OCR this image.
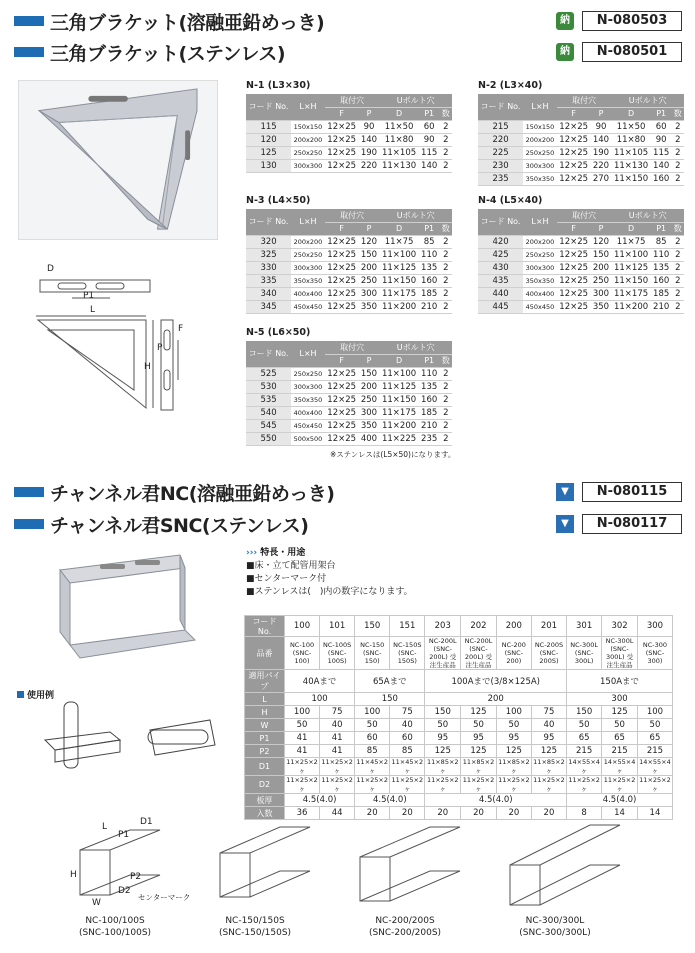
三角ブラケット(溶融亜鉛めっき)	納	N-080503
三角ブラケット(ステンレス)	納	N-080501
D
P1
L
F
H
P
N-1 (L3×30)	N-2 (L3×40)
N-3 (L4×50)	N-4 (L5×40)
N-5 (L6×50)
コード No.	L×H	取付穴		Uボルト穴		
		F	P	D	P1	数
115	150x150	12×25	90	11×50	60	2
120	200x200	12×25	140	11×80	90	2
125	250x250	12×25	190	11×105	115	2
130	300x300	12×25	220	11×130	140	2
コード No.	L×H	取付穴		Uボルト穴		
		F	P	D	P1	数
215	150x150	12×25	90	11×50	60	2
220	200x200	12×25	140	11×80	90	2
225	250x250	12×25	190	11×105	115	2
230	300x300	12×25	220	11×130	140	2
235	350x350	12×25	270	11×150	160	2
コード No.	L×H	取付穴		Uボルト穴		
		F	P	D	P1	数
320	200x200	12×25	120	11×75	85	2
325	250x250	12×25	150	11×100	110	2
330	300x300	12×25	200	11×125	135	2
335	350x350	12×25	250	11×150	160	2
340	400x400	12×25	300	11×175	185	2
345	450x450	12×25	350	11×200	210	2
コード No.	L×H	取付穴		Uボルト穴		
		F	P	D	P1	数
420	200x200	12×25	120	11×75	85	2
425	250x250	12×25	150	11×100	110	2
430	300x300	12×25	200	11×125	135	2
435	350x350	12×25	250	11×150	160	2
440	400x400	12×25	300	11×175	185	2
445	450x450	12×25	350	11×200	210	2
コード No.	L×H	取付穴		Uボルト穴		
		F	P	D	P1	数
525	250x250	12×25	150	11×100	110	2
530	300x300	12×25	200	11×125	135	2
535	350x350	12×25	250	11×150	160	2
540	400x400	12×25	300	11×175	185	2
545	450x450	12×25	350	11×200	210	2
550	500x500	12×25	400	11×225	235	2
※ステンレスは(L5×50)になります。
チャンネル君NC(溶融亜鉛めっき)	▼	N-080115
チャンネル君SNC(ステンレス)	▼	N-080117
使用例
››› 特長・用途
■床・立て配管用架台
■センターマーク付
■ステンレスは(　)内の数字になります。
コードNo.	100	101	150	151	203	202	200	201	301	302	300
品番	NC-100 (SNC-100)	NC-100S (SNC-100S)	NC-150 (SNC-150)	NC-150S (SNC-150S)	NC-200L (SNC-200L) 受注生産品	NC-200L (SNC-200L) 受注生産品	NC-200 (SNC-200)	NC-200S (SNC-200S)	NC-300L (SNC-300L)	NC-300L (SNC-300L) 受注生産品	NC-300 (SNC-300)
適用パイプ	40Aまで		65Aまで		100Aまで(3/8×125A)				150Aまで		
L	100		150		200				300		
H	100	75	100	75	150	125	100	75	150	125	100
W	50	40	50	40	50	50	50	40	50	50	50
P1	41	41	60	60	95	95	95	95	65	65	65
P2	41	41	85	85	125	125	125	125	215	215	215
D1	11×25×2ヶ	11×25×2ヶ	11×45×2ヶ	11×45×2ヶ	11×85×2ヶ	11×85×2ヶ	11×85×2ヶ	11×85×2ヶ	14×55×4ヶ	14×55×4ヶ	14×55×4ヶ
D2	11×25×2ヶ	11×25×2ヶ	11×25×2ヶ	11×25×2ヶ	11×25×2ヶ	11×25×2ヶ	11×25×2ヶ	11×25×2ヶ	11×25×2ヶ	11×25×2ヶ	11×25×2ヶ
板厚	4.5(4.0)		4.5(4.0)		4.5(4.0)				4.5(4.0)		
入数	36	44	20	20	20	20	20	20	8	14	14
NC-100/100S
(SNC-100/100S)
NC-150/150S
(SNC-150/150S)
NC-200/200S
(SNC-200/200S)
NC-300/300L
(SNC-300/300L)
L
P1
D1
H	P2
W
D2
センターマーク
